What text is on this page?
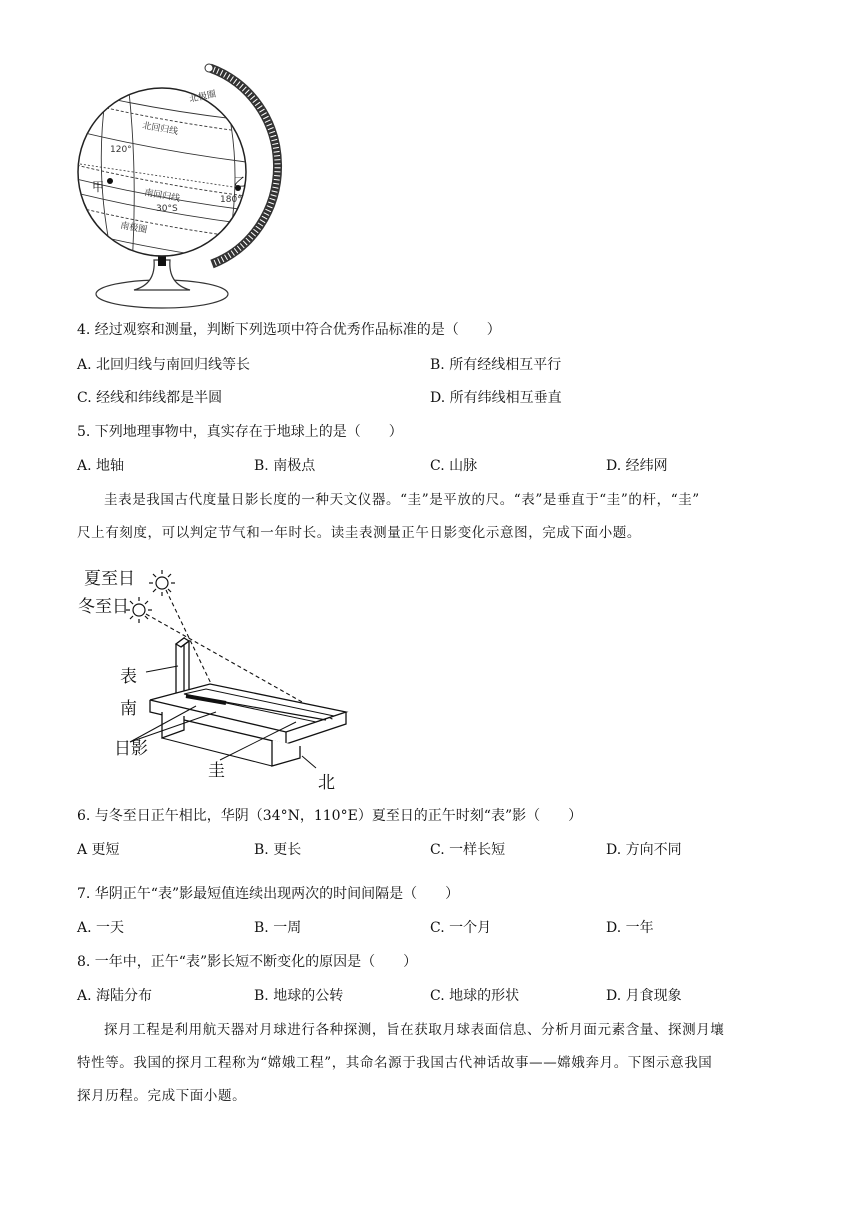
北极圈
北回归线
南回归线
南极圈
120°
180°
30°S
甲	乙
4. 经过观察和测量，判断下列选项中符合优秀作品标准的是（　　）
A. 北回归线与南回归线等长	B. 所有经线相互平行
C. 经线和纬线都是半圆	D. 所有纬线相互垂直
5. 下列地理事物中，真实存在于地球上的是（　　）
A. 地轴	B. 南极点	C. 山脉	D. 经纬网
圭表是我国古代度量日影长度的一种天文仪器。“圭”是平放的尺。“表”是垂直于“圭”的杆，“圭”
尺上有刻度，可以判定节气和一年时长。读圭表测量正午日影变化示意图，完成下面小题。
夏至日
冬至日
表
南
日影
圭
北
6. 与冬至日正午相比，华阴（34°N，110°E）夏至日的正午时刻“表”影（　　）
A 更短	B. 更长	C. 一样长短	D. 方向不同
7. 华阴正午“表”影最短值连续出现两次的时间间隔是（　　）
A. 一天	B. 一周	C. 一个月	D. 一年
8. 一年中，正午“表”影长短不断变化的原因是（　　）
A. 海陆分布	B. 地球的公转	C. 地球的形状	D. 月食现象
探月工程是利用航天器对月球进行各种探测，旨在获取月球表面信息、分析月面元素含量、探测月壤
特性等。我国的探月工程称为“嫦娥工程”，其命名源于我国古代神话故事——嫦娥奔月。下图示意我国
探月历程。完成下面小题。
